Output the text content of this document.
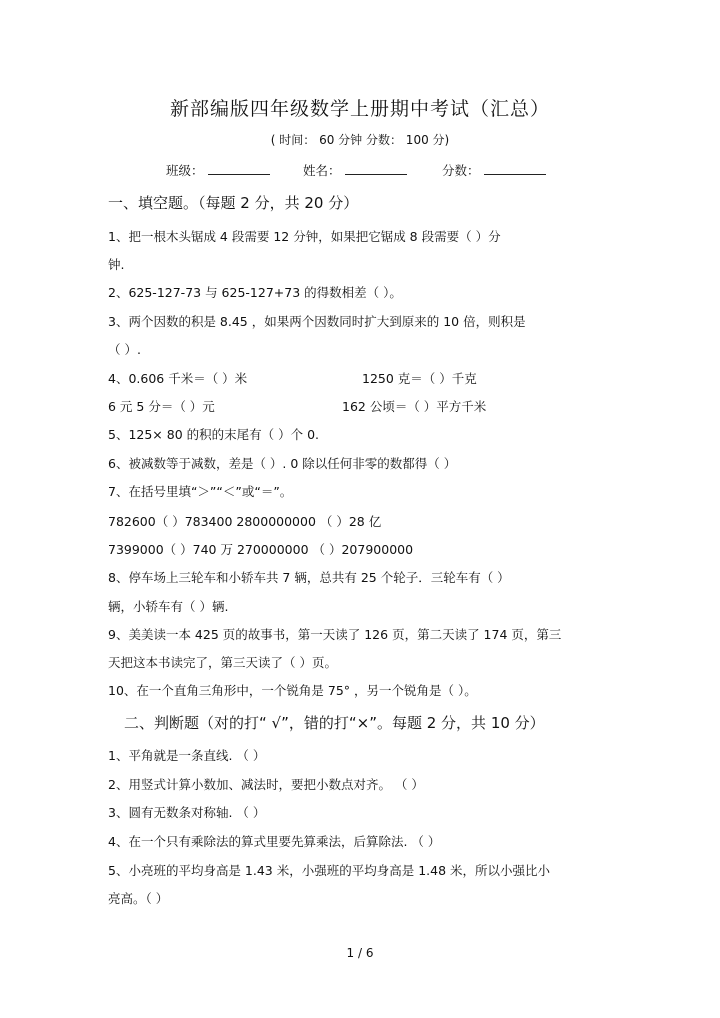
新部编版四年级数学上册期中考试（汇总）
( 时间： 60 分钟 分数： 100 分)
班级：	姓名：	分数：
一、填空题。（每题 2 分，共 20 分）
1、把一根木头锯成 4 段需要 12 分钟，如果把它锯成 8 段需要（ ）分
钟.
2、625-127-73 与 625-127+73 的得数相差（ ）。
3、两个因数的积是 8.45 ，如果两个因数同时扩大到原来的 10 倍，则积是
（ ）.
4、0.606 千米＝（ ）米	1250 克＝（ ）千克
6 元 5 分＝（ ）元	162 公顷＝（ ）平方千米
5、125× 80 的积的末尾有（ ）个 0.
6、被减数等于减数，差是（ ）. 0 除以任何非零的数都得（ ）
7、在括号里填“＞”“＜”或“＝”。
782600（ ）783400 2800000000 （ ）28 亿
7399000（ ）740 万 270000000 （ ）207900000
8、停车场上三轮车和小轿车共 7 辆，总共有 25 个轮子．三轮车有（ ）
辆，小轿车有（ ）辆.
9、美美读一本 425 页的故事书，第一天读了 126 页，第二天读了 174 页，第三
天把这本书读完了，第三天读了（ ）页。
10、在一个直角三角形中，一个锐角是 75° ，另一个锐角是（ ）。
二、判断题（对的打“ √”，错的打“×”。每题 2 分，共 10 分）
1、平角就是一条直线. （ ）
2、用竖式计算小数加、减法时，要把小数点对齐。 （ ）
3、圆有无数条对称轴. （ ）
4、在一个只有乘除法的算式里要先算乘法，后算除法. （ ）
5、小亮班的平均身高是 1.43 米，小强班的平均身高是 1.48 米，所以小强比小
亮高。（ ）
1 / 6
